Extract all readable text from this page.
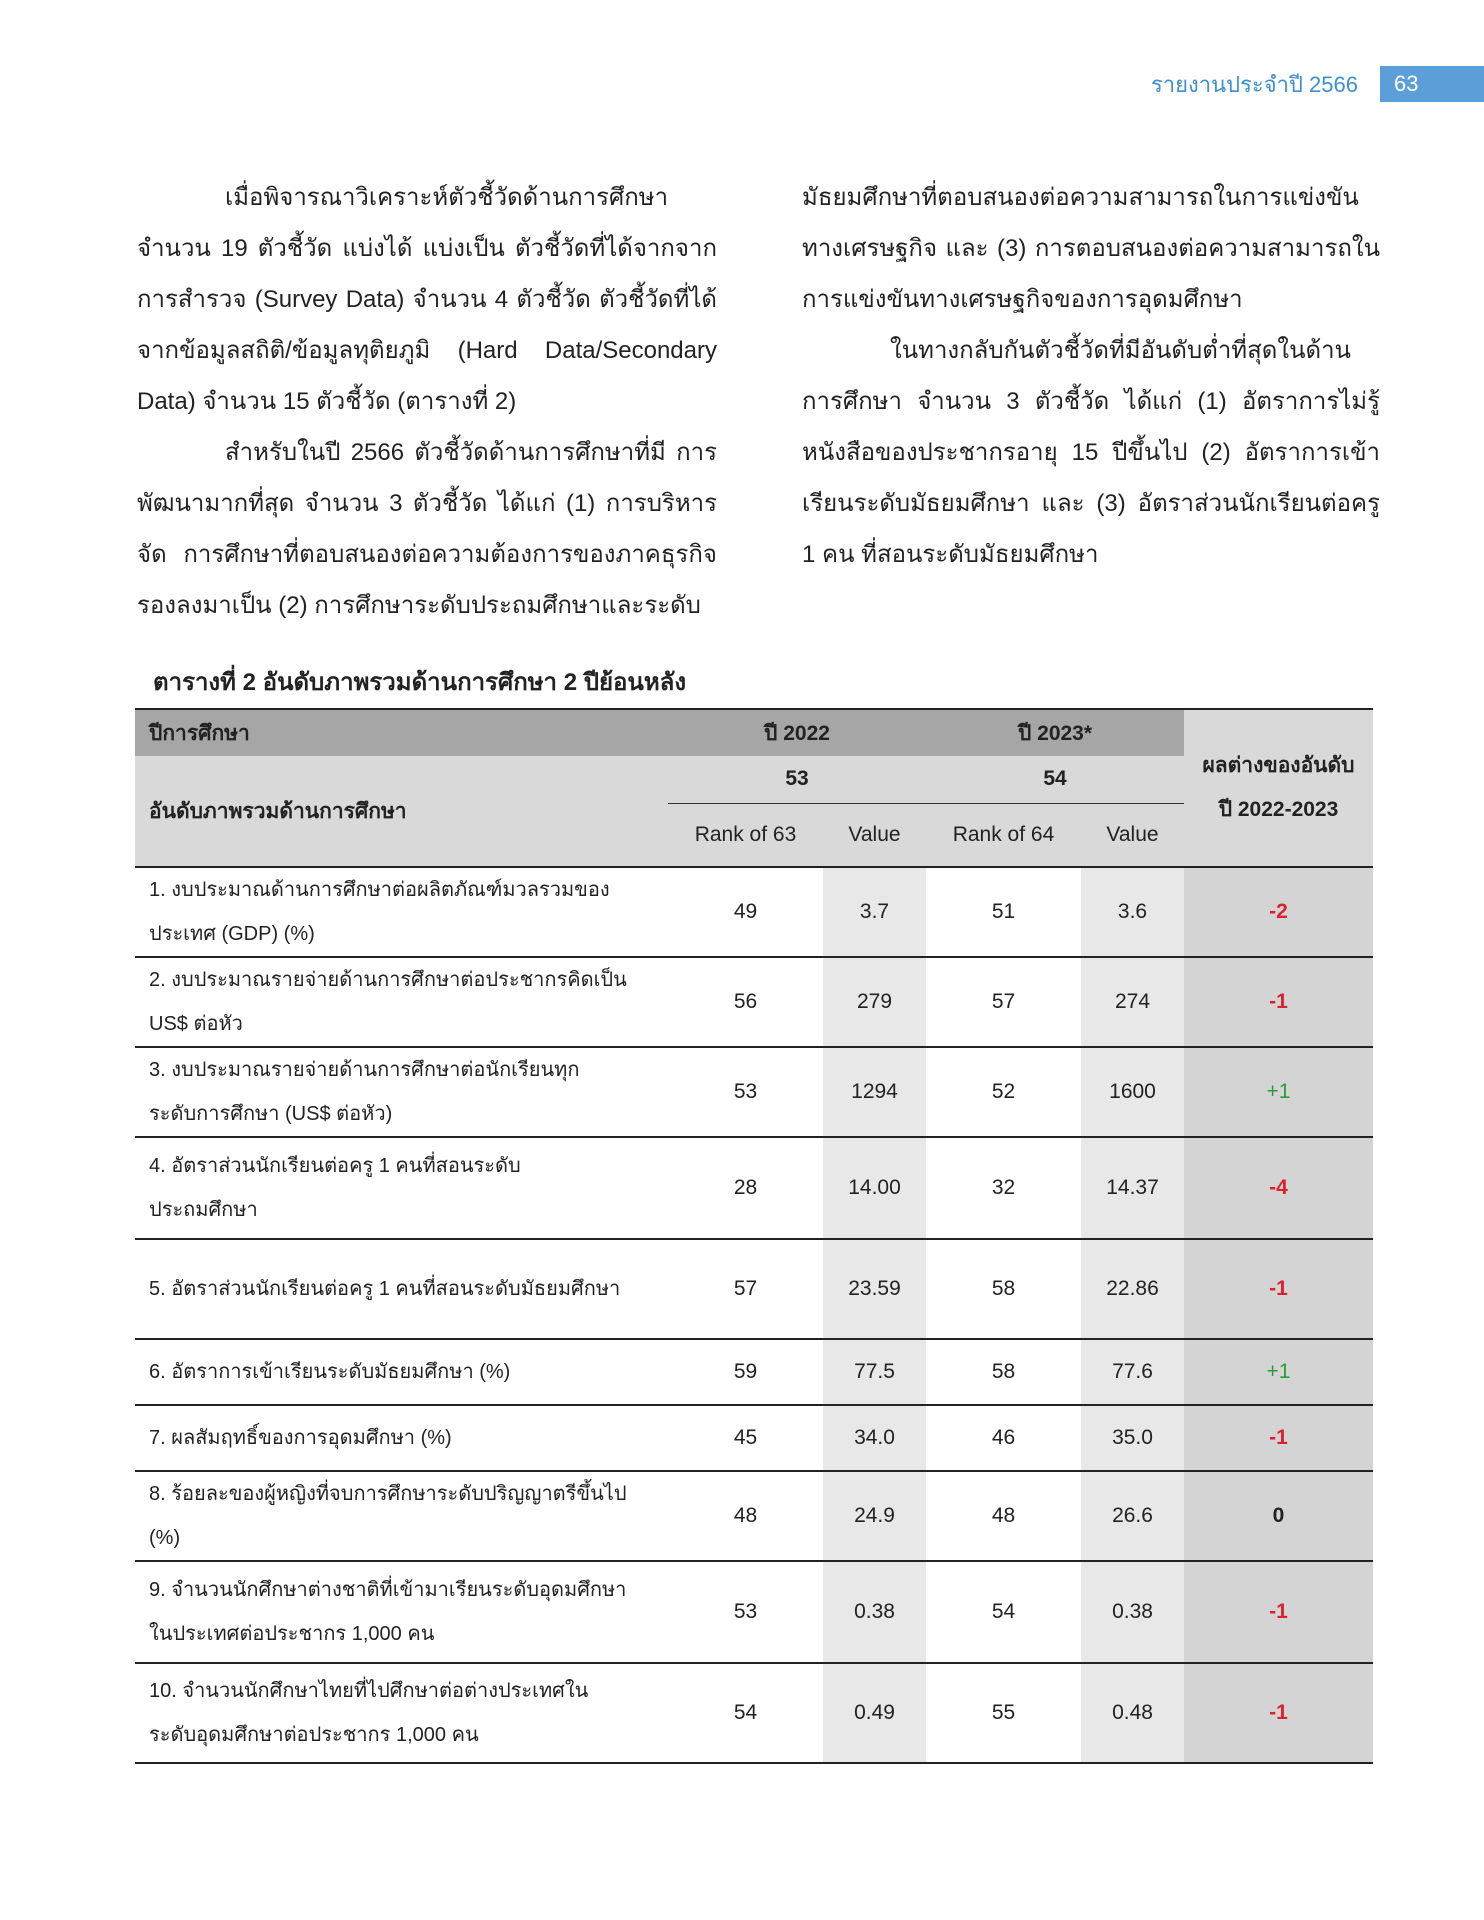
รายงานประจำปี 2566	63

เมื่อพิจารณาวิเคราะห์ตัวชี้วัดด้านการศึกษา จำนวน 19 ตัวชี้วัด แบ่งได้ แบ่งเป็น ตัวชี้วัดที่ได้จากจาก การสำรวจ (Survey Data) จำนวน 4 ตัวชี้วัด ตัวชี้วัดที่ได้ จากข้อมูลสถิติ/ข้อมูลทุติยภูมิ (Hard Data/Secondary Data) จำนวน 15 ตัวชี้วัด (ตารางที่ 2)

สำหรับในปี 2566 ตัวชี้วัดด้านการศึกษาที่มี การพัฒนามากที่สุด จำนวน 3 ตัวชี้วัด ได้แก่ (1) การบริหารจัด การศึกษาที่ตอบสนองต่อความต้องการของภาคธุรกิจ รองลงมาเป็น (2) การศึกษาระดับประถมศึกษาและระดับ

มัธยมศึกษาที่ตอบสนองต่อความสามารถในการแข่งขัน ทางเศรษฐกิจ และ (3) การตอบสนองต่อความสามารถใน การแข่งขันทางเศรษฐกิจของการอุดมศึกษา

ในทางกลับกันตัวชี้วัดที่มีอันดับต่ำที่สุดในด้าน การศึกษา จำนวน 3 ตัวชี้วัด ได้แก่ (1) อัตราการไม่รู้ หนังสือของประชากรอายุ 15 ปีขึ้นไป (2) อัตราการเข้า เรียนระดับมัธยมศึกษา และ (3) อัตราส่วนนักเรียนต่อครู 1 คน ที่สอนระดับมัธยมศึกษา

ตารางที่ 2 อันดับภาพรวมด้านการศึกษา 2 ปีย้อนหลัง
ปีการศึกษา	ปี 2022		ปี 2023*		ผลต่างของอันดับ
ปี 2022-2023
อันดับภาพรวมด้านการศึกษา	53		54		
	Rank of 63	Value	Rank of 64	Value	
1. งบประมาณด้านการศึกษาต่อผลิตภัณฑ์มวลรวมของ
ประเทศ (GDP) (%)	49	3.7	51	3.6	-2
2. งบประมาณรายจ่ายด้านการศึกษาต่อประชากรคิดเป็น
US$ ต่อหัว	56	279	57	274	-1
3. งบประมาณรายจ่ายด้านการศึกษาต่อนักเรียนทุก
ระดับการศึกษา (US$ ต่อหัว)	53	1294	52	1600	+1
4. อัตราส่วนนักเรียนต่อครู 1 คนที่สอนระดับ
ประถมศึกษา	28	14.00	32	14.37	-4
5. อัตราส่วนนักเรียนต่อครู 1 คนที่สอนระดับมัธยมศึกษา	57	23.59	58	22.86	-1
6. อัตราการเข้าเรียนระดับมัธยมศึกษา (%)	59	77.5	58	77.6	+1
7. ผลสัมฤทธิ์ของการอุดมศึกษา (%)	45	34.0	46	35.0	-1
8. ร้อยละของผู้หญิงที่จบการศึกษาระดับปริญญาตรีขึ้นไป
(%)	48	24.9	48	26.6	0
9. จำนวนนักศึกษาต่างชาติที่เข้ามาเรียนระดับอุดมศึกษา
ในประเทศต่อประชากร 1,000 คน	53	0.38	54	0.38	-1
10. จำนวนนักศึกษาไทยที่ไปศึกษาต่อต่างประเทศใน
ระดับอุดมศึกษาต่อประชากร 1,000 คน	54	0.49	55	0.48	-1
